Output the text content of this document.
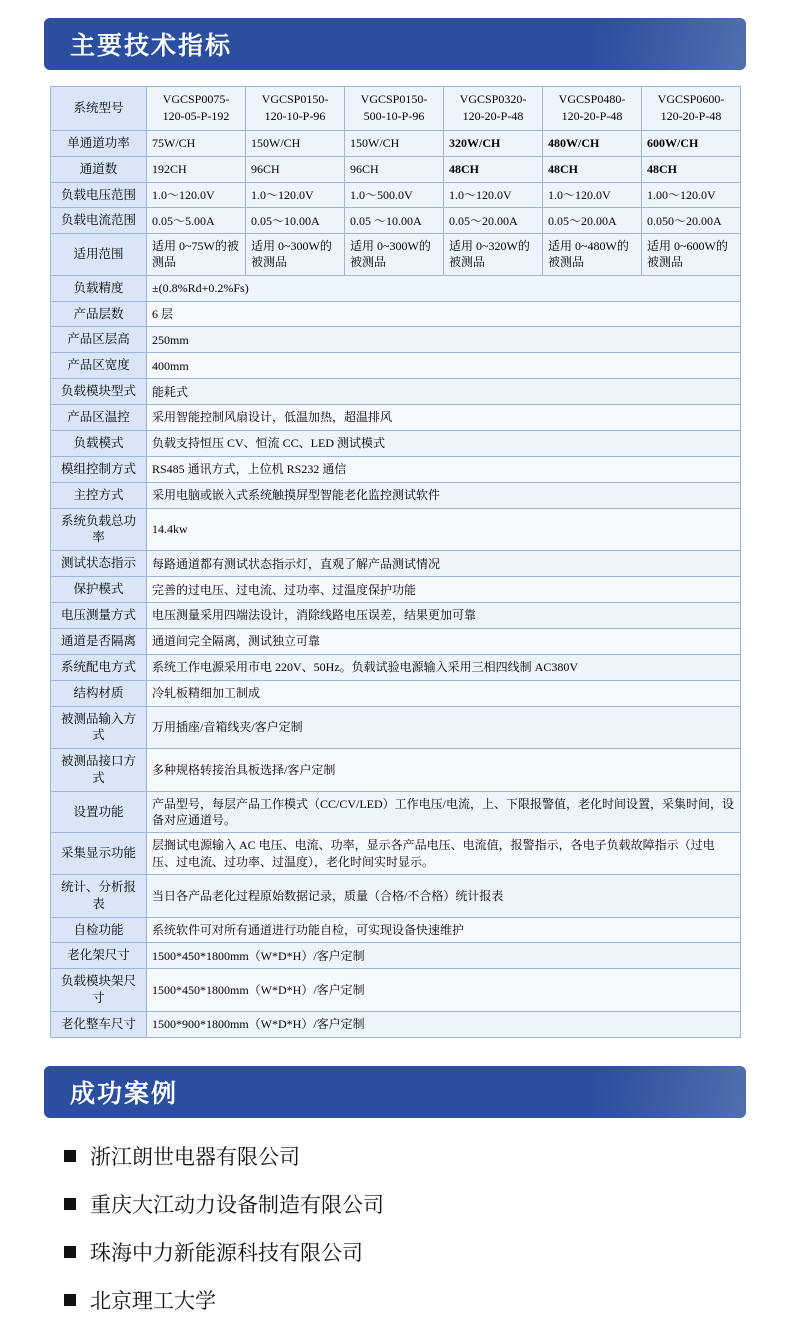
主要技术指标
系统型号	VGCSP0075-120-05-P-192	VGCSP0150-120-10-P-96	VGCSP0150-500-10-P-96	VGCSP0320-120-20-P-48	VGCSP0480-120-20-P-48	VGCSP0600-120-20-P-48
单通道功率	75W/CH	150W/CH	150W/CH	320W/CH	480W/CH	600W/CH
通道数	192CH	96CH	96CH	48CH	48CH	48CH
负载电压范围	1.0～120.0V	1.0～120.0V	1.0～500.0V	1.0～120.0V	1.0～120.0V	1.00～120.0V
负载电流范围	0.05～5.00A	0.05～10.00A	0.05 ～10.00A	0.05～20.00A	0.05～20.00A	0.050～20.00A
适用范围	适用 0~75W的被测品	适用 0~300W的被测品	适用 0~300W的被测品	适用 0~320W的被测品	适用 0~480W的被测品	适用 0~600W的被测品
负载精度	±(0.8%Rd+0.2%Fs)					
产品层数	6 层					
产品区层高	250mm					
产品区宽度	400mm					
负载模块型式	能耗式					
产品区温控	采用智能控制风扇设计，低温加热，超温排风					
负载模式	负载支持恒压 CV、恒流 CC、LED 测试模式					
模组控制方式	RS485 通讯方式，上位机 RS232 通信					
主控方式	采用电脑或嵌入式系统触摸屏型智能老化监控测试软件					
系统负载总功率	14.4kw					
测试状态指示	每路通道都有测试状态指示灯，直观了解产品测试情况					
保护模式	完善的过电压、过电流、过功率、过温度保护功能					
电压测量方式	电压测量采用四端法设计，消除线路电压误差，结果更加可靠					
通道是否隔离	通道间完全隔离，测试独立可靠					
系统配电方式	系统工作电源采用市电 220V、50Hz。负载试验电源输入采用三相四线制 AC380V					
结构材质	冷轧板精细加工制成					
被测品输入方式	万用插座/音箱线夹/客户定制					
被测品接口方式	多种规格转接治具板选择/客户定制					
设置功能	产品型号，每层产品工作模式（CC/CV/LED）工作电压/电流，上、下限报警值，老化时间设置，采集时间，设备对应通道号。					
采集显示功能	层搁试电源输入 AC 电压、电流、功率，显示各产品电压、电流值，报警指示，各电子负载故障指示（过电压、过电流、过功率、过温度），老化时间实时显示。					
统计、分析报表	当日各产品老化过程原始数据记录，质量（合格/不合格）统计报表					
自检功能	系统软件可对所有通道进行功能自检，可实现设备快速维护					
老化架尺寸	1500*450*1800mm（W*D*H）/客户定制					
负载模块架尺寸	1500*450*1800mm（W*D*H）/客户定制					
老化整车尺寸	1500*900*1800mm（W*D*H）/客户定制					
成功案例
浙江朗世电器有限公司
重庆大江动力设备制造有限公司
珠海中力新能源科技有限公司
北京理工大学
